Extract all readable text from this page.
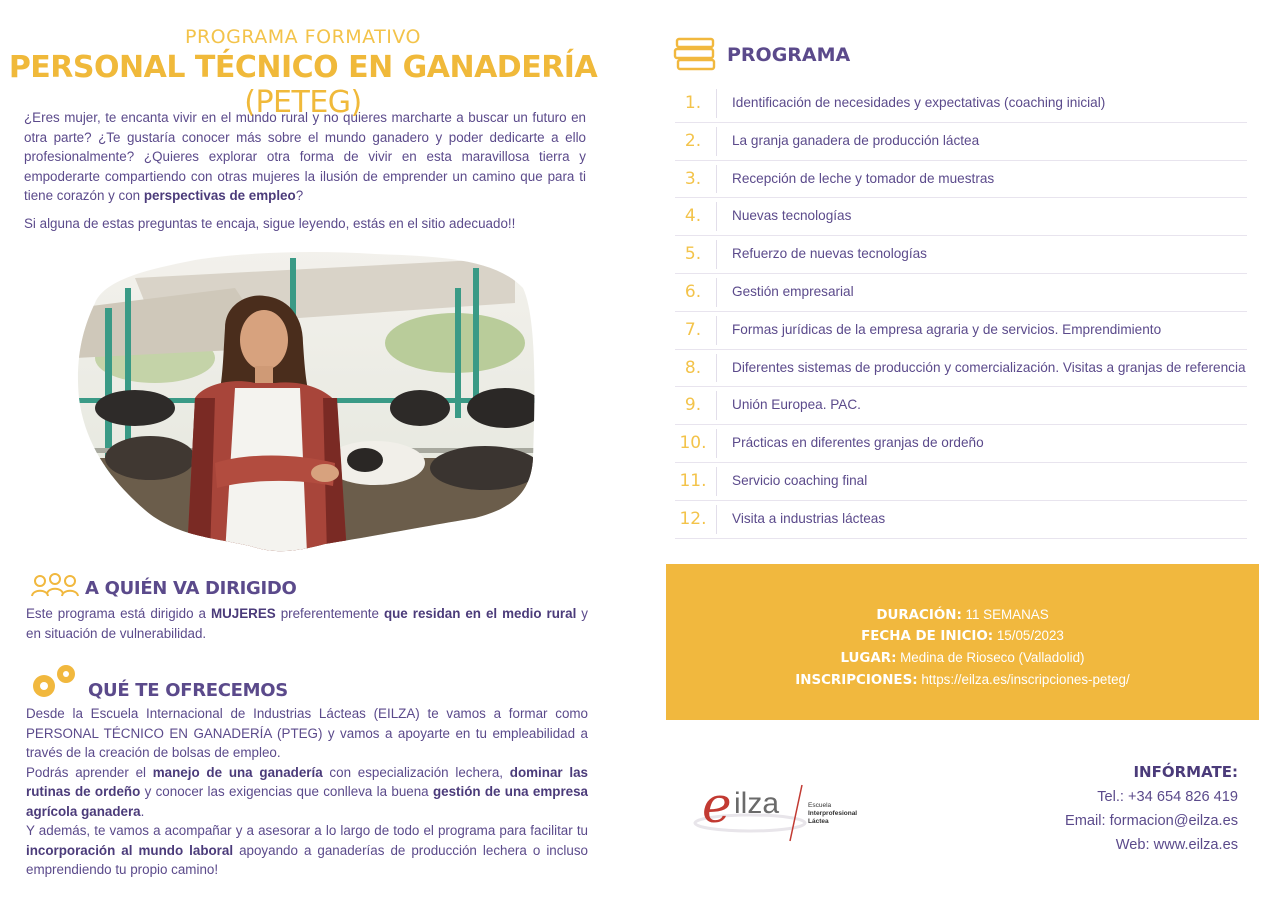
PROGRAMA FORMATIVO
PERSONAL TÉCNICO EN GANADERÍA (PETEG)

¿Eres mujer, te encanta vivir en el mundo rural y no quieres marcharte a buscar un futuro en otra parte? ¿Te gustaría conocer más sobre el mundo ganadero y poder dedicarte a ello profesionalmente? ¿Quieres explorar otra forma de vivir en esta maravillosa tierra y empoderarte compartiendo con otras mujeres la ilusión de emprender un camino que para ti tiene corazón y con perspectivas de empleo?

Si alguna de estas preguntas te encaja, sigue leyendo, estás en el sitio adecuado!!

A QUIÉN VA DIRIGIDO
Este programa está dirigido a MUJERES preferentemente que residan en el medio rural y en situación de vulnerabilidad.
QUÉ TE OFRECEMOS

Desde la Escuela Internacional de Industrias Lácteas (EILZA) te vamos a formar como PERSONAL TÉCNICO EN GANADERÍA (PTEG) y vamos a apoyarte en tu empleabilidad a través de la creación de bolsas de empleo.

Podrás aprender el manejo de una ganadería con especialización lechera, dominar las rutinas de ordeño y conocer las exigencias que conlleva la buena gestión de una empresa agrícola ganadera.

Y además, te vamos a acompañar y a asesorar a lo largo de todo el programa para facilitar tu incorporación al mundo laboral apoyando a ganaderías de producción lechera o incluso emprendiendo tu propio camino!

PROGRAMA
1.	Identificación de necesidades y expectativas (coaching inicial)
2.	La granja ganadera de producción láctea
3.	Recepción de leche y tomador de muestras
4.	Nuevas tecnologías
5.	Refuerzo de nuevas tecnologías
6.	Gestión empresarial
7.	Formas jurídicas de la empresa agraria y de servicios. Emprendimiento
8.	Diferentes sistemas de producción y comercialización. Visitas a granjas de referencia
9.	Unión Europea. PAC.
10.	Prácticas en diferentes granjas de ordeño
11.	Servicio coaching final
12.	Visita a industrias lácteas
DURACIÓN: 11 SEMANAS
FECHA DE INICIO: 15/05/2023
LUGAR: Medina de Rioseco (Valladolid)
INSCRIPCIONES: https://eilza.es/inscripciones-peteg/
e ilza	Escuela
Interprofesional
Láctea
INFÓRMATE:
Tel.: +34 654 826 419
Email: formacion@eilza.es
Web: www.eilza.es
